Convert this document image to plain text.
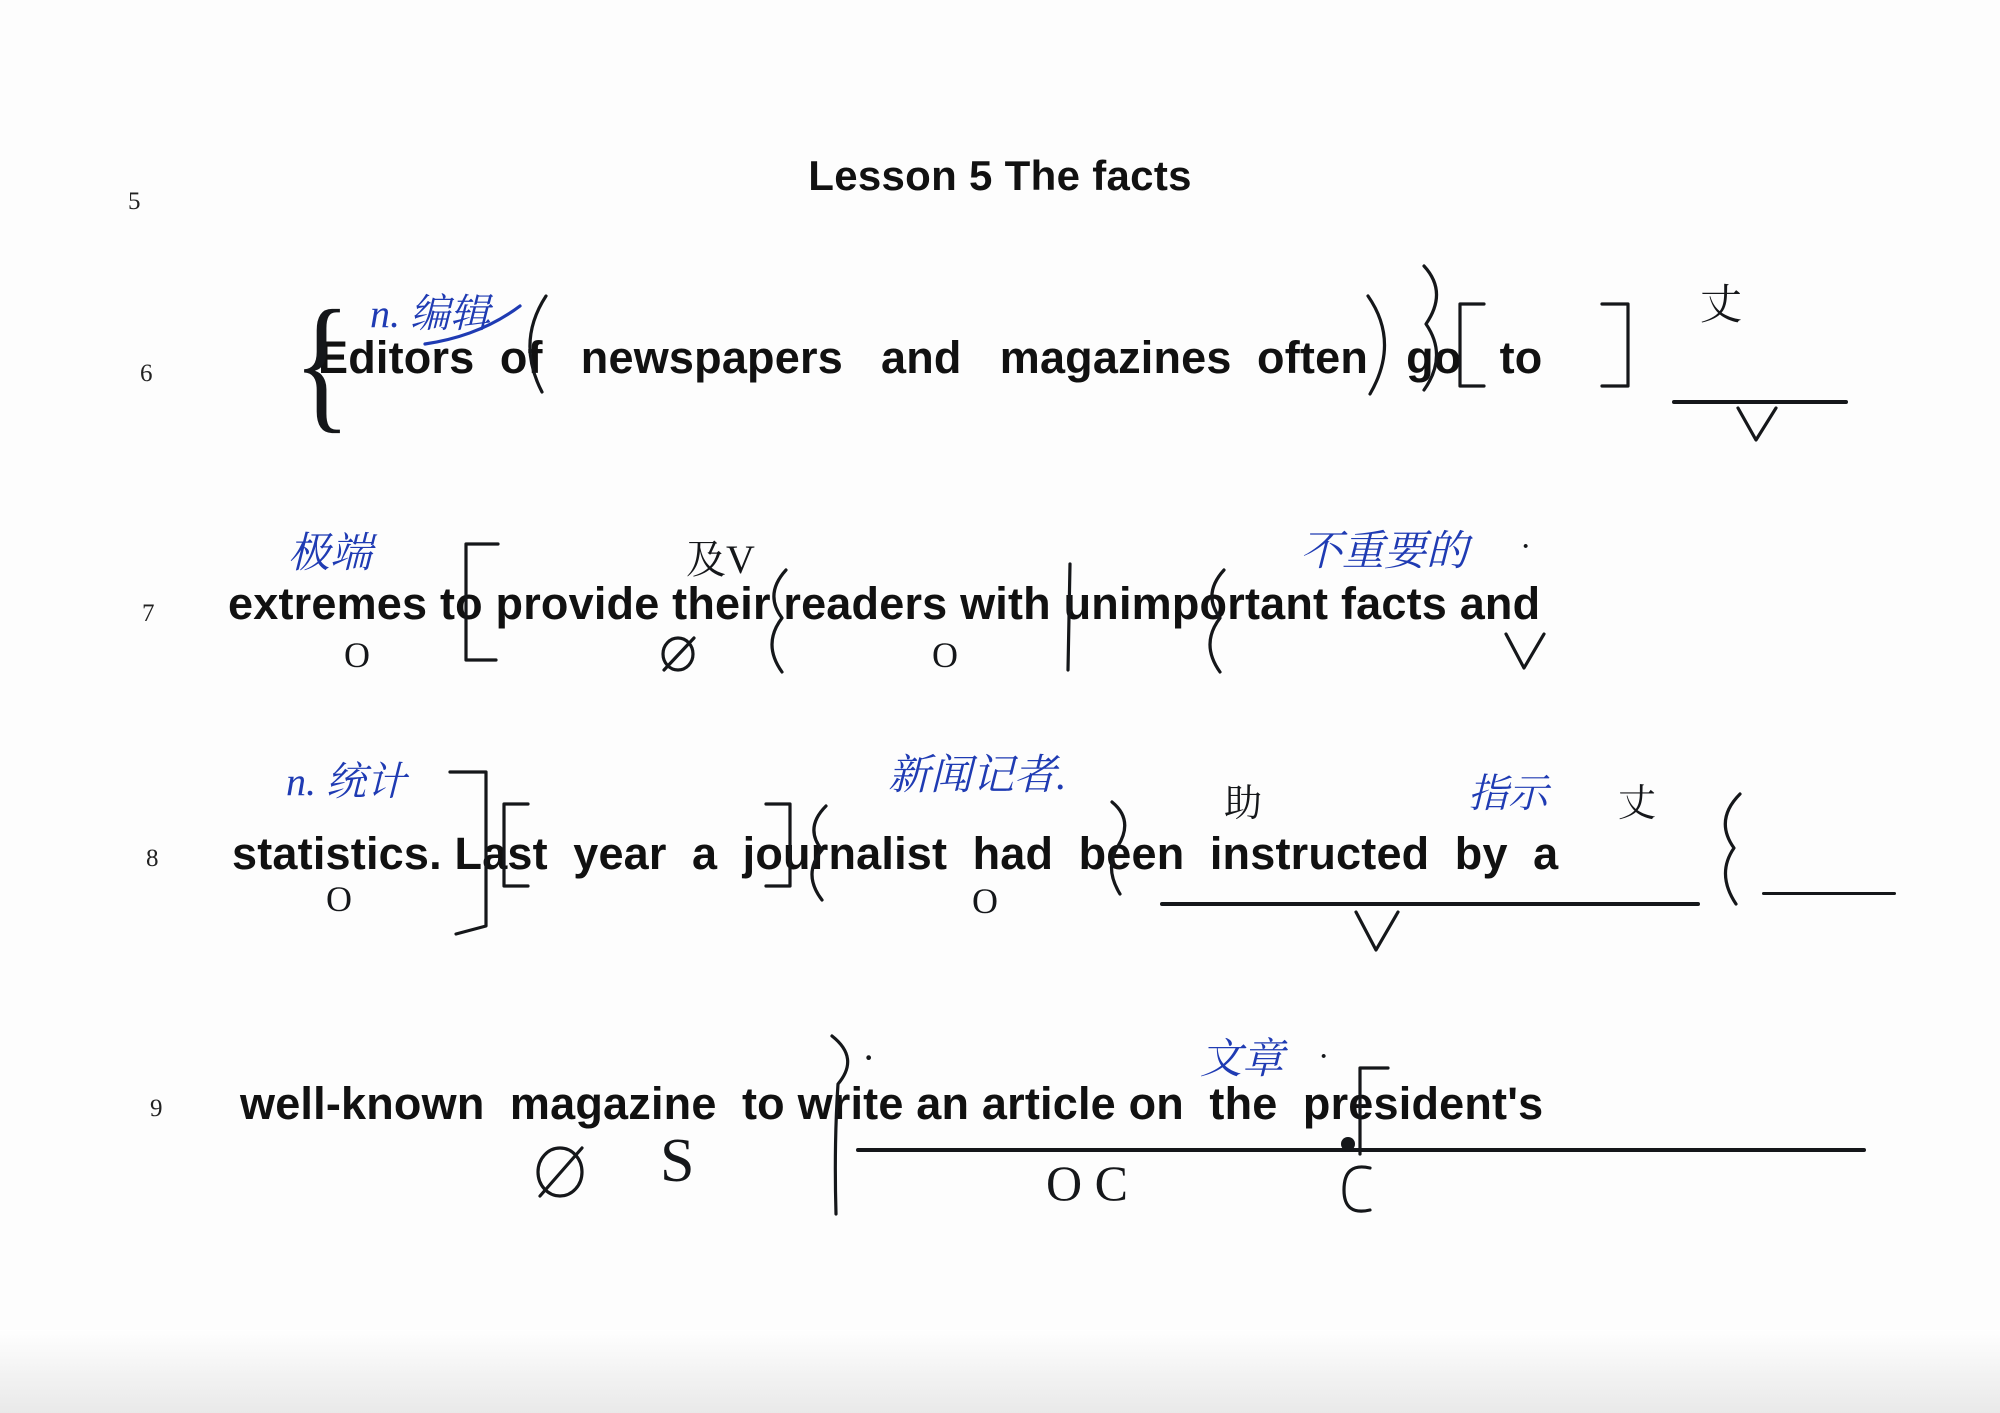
Lesson 5 The facts
5
6
7
8
9
Editors  of   newspapers   and   magazines  often   go   to
extremes to provide their readers with unimportant facts and
statistics. Last  year  a  journalist  had  been  instructed  by  a
well-known  magazine  to write an article on  the  president's
{ n. 编辑	丈
极端
O
及V
O
不重要的 ·
n. 统计
O
新闻记者.
O
助	指示 丈
S
·
O C
文章 ·
